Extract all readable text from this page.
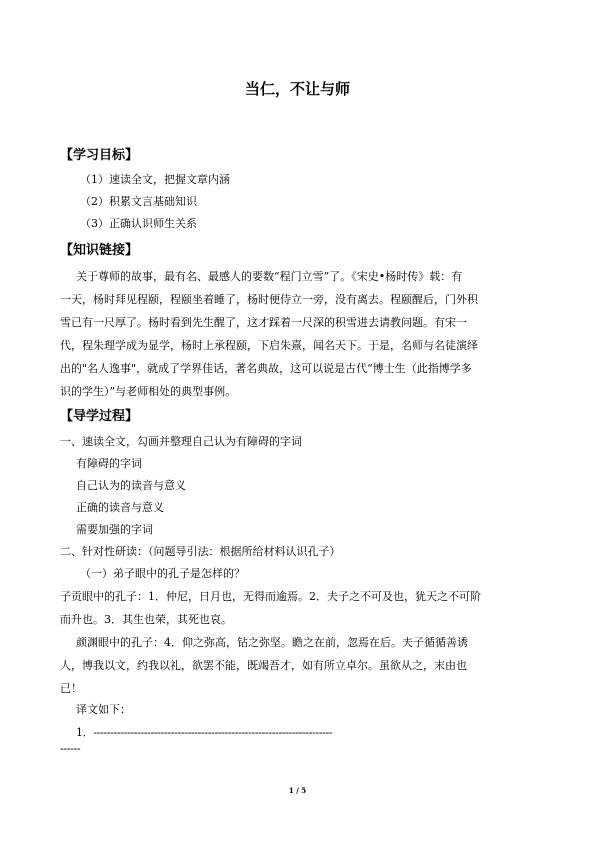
当仁，不让与师
【学习目标】
（1）速读全文，把握文章内涵
（2）积累文言基础知识
（3）正确认识师生关系
【知识链接】
关于尊师的故事，最有名、最感人的要数“程门立雪”了。《宋史•杨时传》载：有
一天，杨时拜见程颐，程颐坐着睡了，杨时便侍立一旁，没有离去。程颐醒后，门外积
雪已有一尺厚了。杨时看到先生醒了，这才踩着一尺深的积雪进去请教问题。有宋一
代，程朱理学成为显学，杨时上承程颐，下启朱熹，闻名天下。于是，名师与名徒演绎
出的"名人逸事"，就成了学界佳话，著名典故，这可以说是古代“博士生（此指博学多
识的学生）”与老师相处的典型事例。
【导学过程】
一、速读全文，勾画并整理自己认为有障碍的字词
有障碍的字词
自己认为的读音与意义
正确的读音与意义
需要加强的字词
二、针对性研读：（问题导引法：根据所给材料认识孔子）
（一）弟子眼中的孔子是怎样的？
子贡眼中的孔子：1．仲尼，日月也，无得而逾焉。2．夫子之不可及也，犹天之不可阶
而升也。3．其生也荣，其死也哀。
颜渊眼中的孔子：4．仰之弥高，钻之弥坚。瞻之在前，忽焉在后。夫子循循善诱
人，博我以文，约我以礼，欲罢不能，既竭吾才，如有所立卓尔。虽欲从之，末由也
已！
译文如下：
1．-----------------------------------------------------------------------
------
1 / 5
